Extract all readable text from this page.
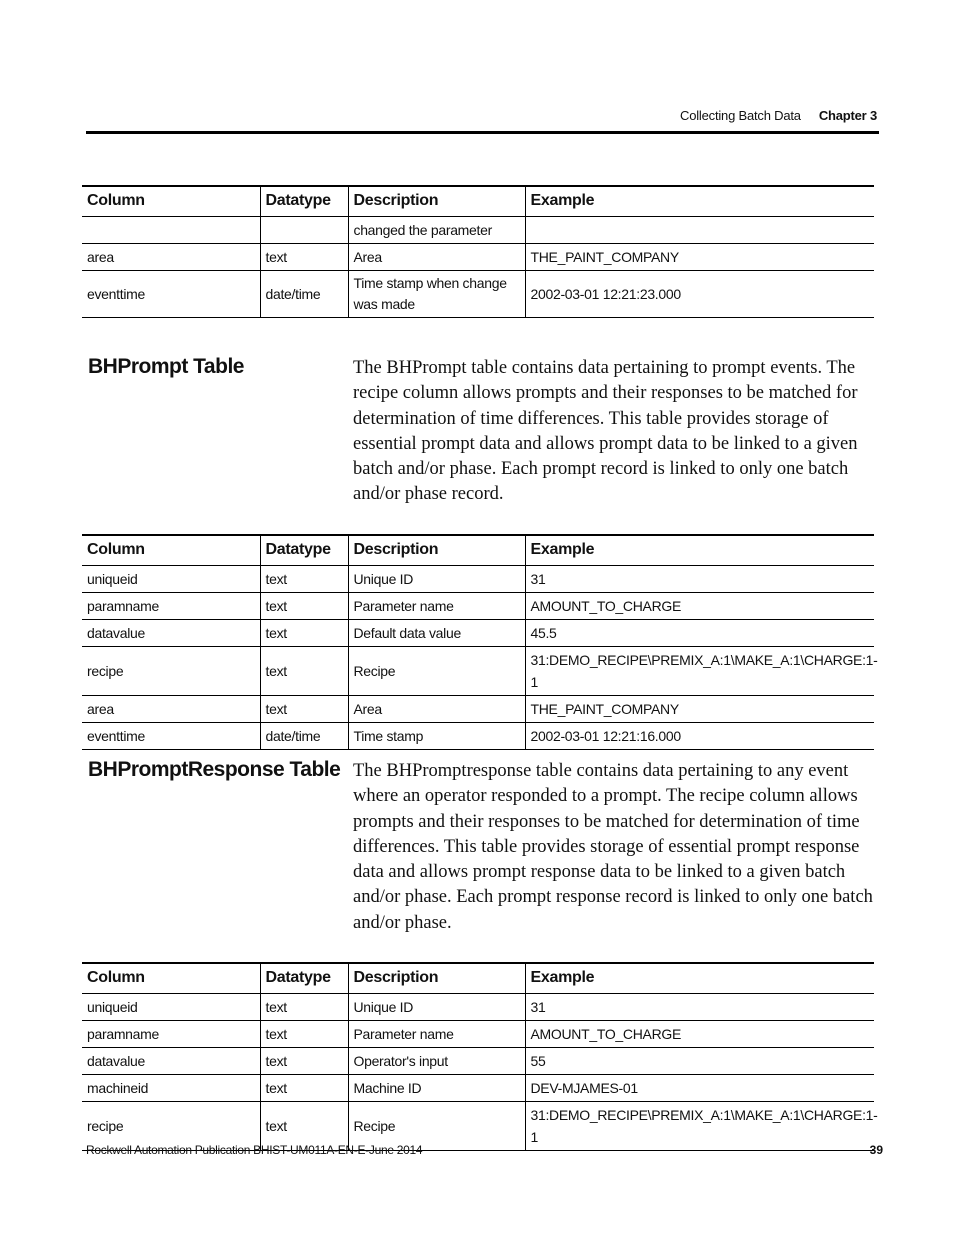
Collecting Batch Data Chapter 3
Column	Datatype	Description	Example
		changed the parameter	
area	text	Area	THE_PAINT_COMPANY
eventtime	date/time	Time stamp when change was made	2002-03-01 12:21:23.000
BHPrompt Table	The BHPrompt table contains data pertaining to prompt events. The recipe column allows prompts and their responses to be matched for determination of time differences. This table provides storage of essential prompt data and allows prompt data to be linked to a given batch and/or phase. Each prompt record is linked to only one batch and/or phase record.
Column	Datatype	Description	Example
uniqueid	text	Unique ID	31
paramname	text	Parameter name	AMOUNT_TO_CHARGE
datavalue	text	Default data value	45.5
recipe	text	Recipe	31:DEMO_RECIPE\PREMIX_A:1\MAKE_A:1\CHARGE:1-1
area	text	Area	THE_PAINT_COMPANY
eventtime	date/time	Time stamp	2002-03-01 12:21:16.000
BHPromptResponse Table The BHPromptresponse table contains data pertaining to any event where an operator responded to a prompt. The recipe column allows prompts and their responses to be matched for determination of time differences. This table provides storage of essential prompt response data and allows prompt response data to be linked to a given batch and/or phase. Each prompt response record is linked to only one batch and/or phase.
Column	Datatype	Description	Example
uniqueid	text	Unique ID	31
paramname	text	Parameter name	AMOUNT_TO_CHARGE
datavalue	text	Operator's input	55
machineid	text	Machine ID	DEV-MJAMES-01
recipe	text	Recipe	31:DEMO_RECIPE\PREMIX_A:1\MAKE_A:1\CHARGE:1-1
Rockwell Automation Publication BHIST-UM011A-EN-E-June 2014	39
